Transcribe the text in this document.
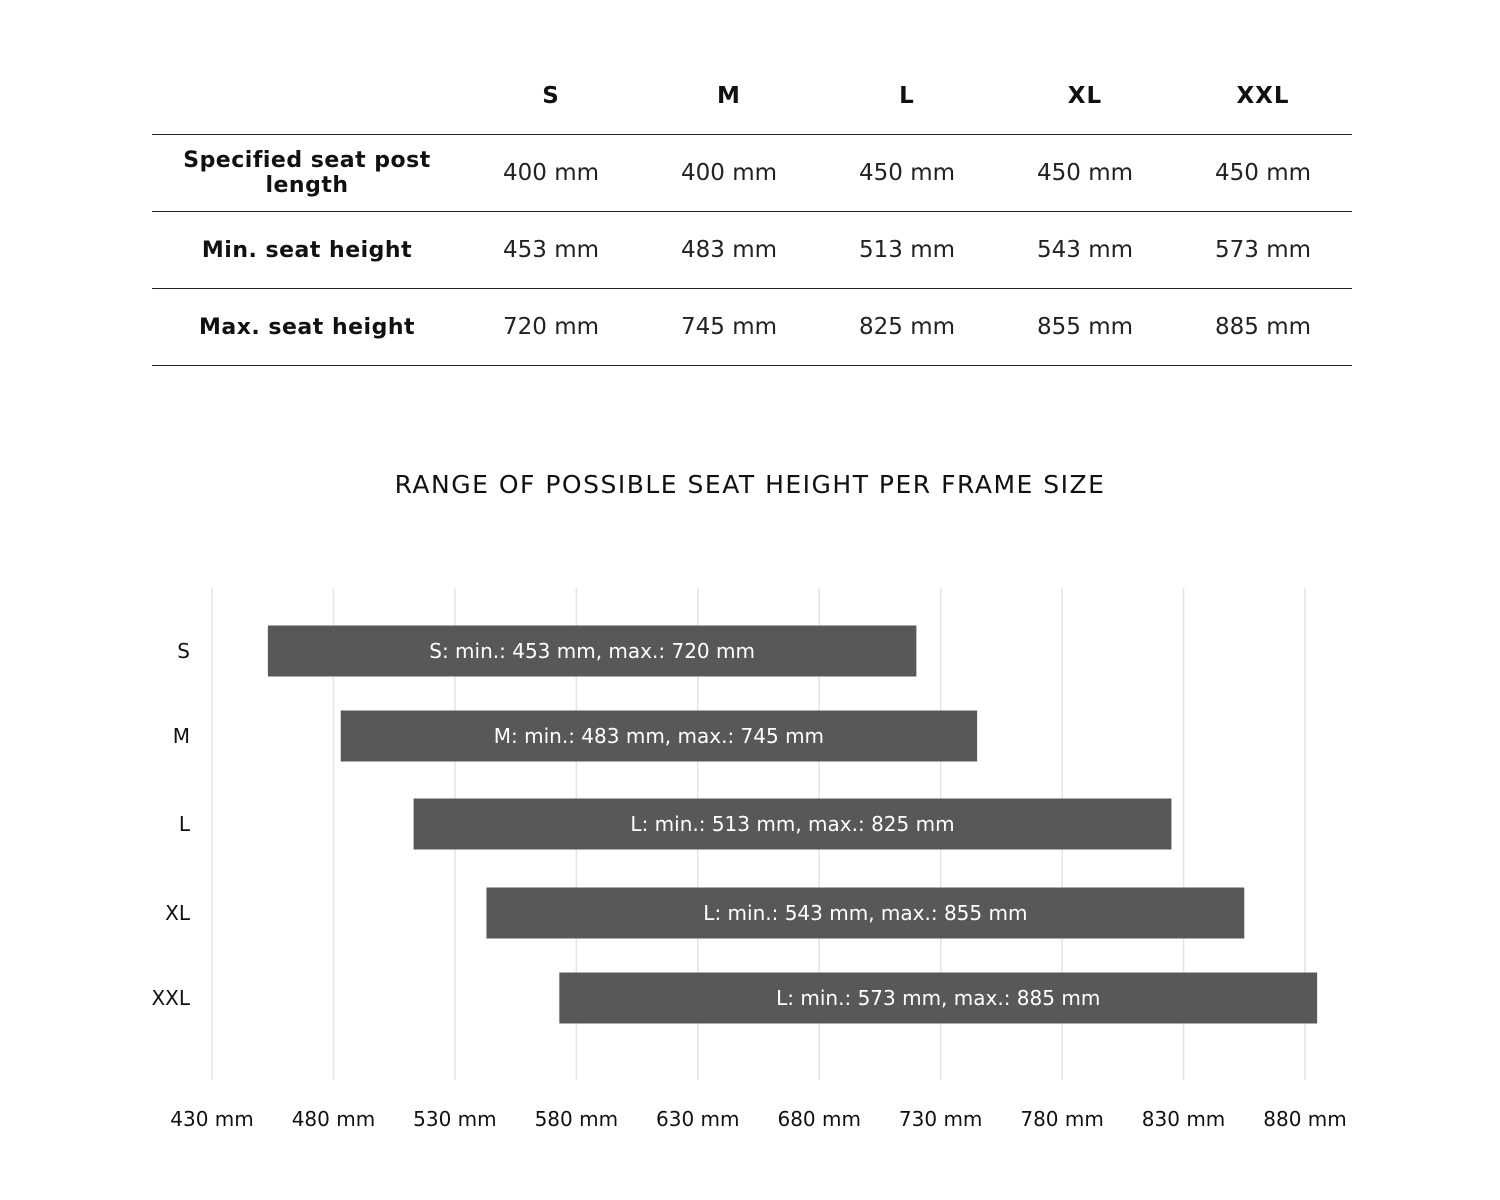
	S	M	L	XL	XXL
Specified seat post length	400 mm	400 mm	450 mm	450 mm	450 mm
Min. seat height	453 mm	483 mm	513 mm	543 mm	573 mm
Max. seat height	720 mm	745 mm	825 mm	855 mm	885 mm
RANGE OF POSSIBLE SEAT HEIGHT PER FRAME SIZE
430 mm 480 mm 530 mm 580 mm 630 mm 680 mm 730 mm 780 mm 830 mm 880 mm
S: min.: 453 mm, max.: 720 mm
S
M: min.: 483 mm, max.: 745 mm
M
L: min.: 513 mm, max.: 825 mm
L
L: min.: 543 mm, max.: 855 mm
XL
L: min.: 573 mm, max.: 885 mm
XXL
